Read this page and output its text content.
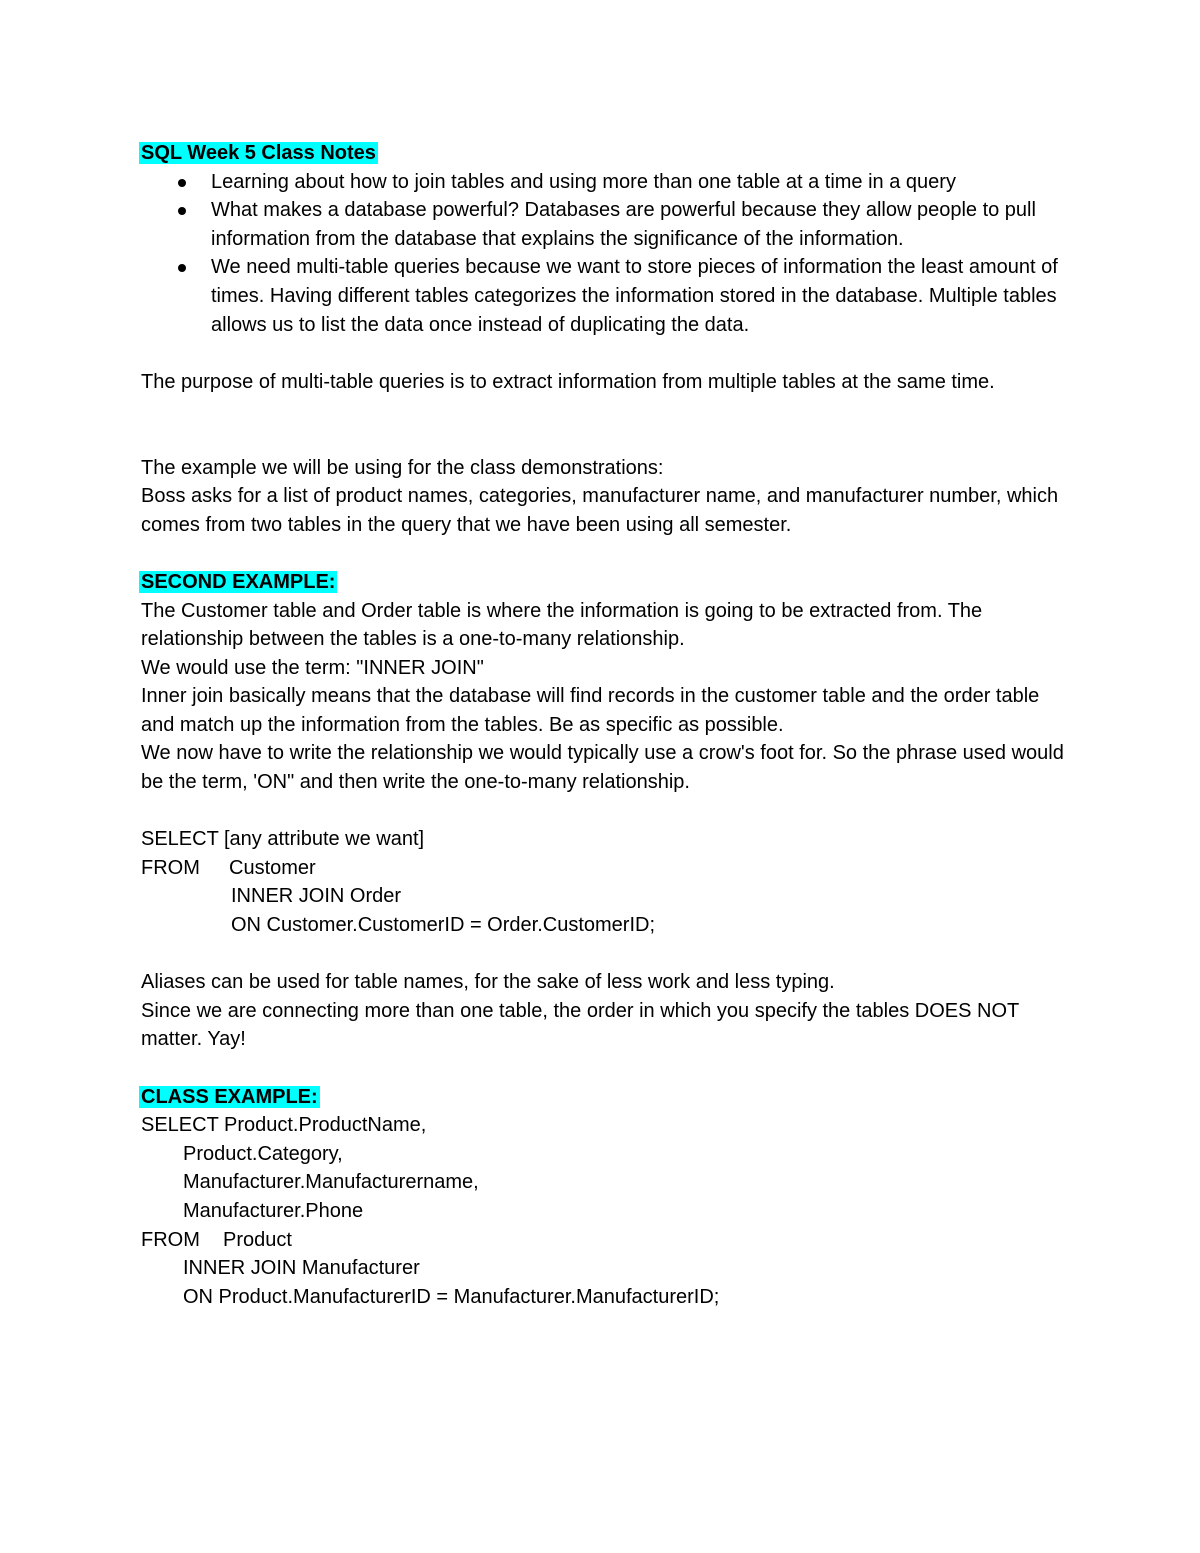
SQL Week 5 Class Notes

Learning about how to join tables and using more than one table at a time in a query
What makes a database powerful? Databases are powerful because they allow people to pull information from the database that explains the significance of the information.
We need multi-table queries because we want to store pieces of information the least amount of times. Having different tables categorizes the information stored in the database. Multiple tables allows us to list the data once instead of duplicating the data.

The purpose of multi-table queries is to extract information from multiple tables at the same time.

The example we will be using for the class demonstrations:

Boss asks for a list of product names, categories, manufacturer name, and manufacturer number, which comes from two tables in the query that we have been using all semester.

SECOND EXAMPLE:

The Customer table and Order table is where the information is going to be extracted from. The relationship between the tables is a one-to-many relationship.

We would use the term: "INNER JOIN"

Inner join basically means that the database will find records in the customer table and the order table and match up the information from the tables. Be as specific as possible.

We now have to write the relationship we would typically use a crow's foot for. So the phrase used would be the term, 'ON" and then write the one-to-many relationship.

SELECT [any attribute we want]

FROM Customer

INNER JOIN Order

ON Customer.CustomerID = Order.CustomerID;

Aliases can be used for table names, for the sake of less work and less typing.

Since we are connecting more than one table, the order in which you specify the tables DOES NOT matter. Yay!

CLASS EXAMPLE:

SELECT Product.ProductName,

Product.Category,

Manufacturer.Manufacturername,

Manufacturer.Phone

FROM Product

INNER JOIN Manufacturer

ON Product.ManufacturerID = Manufacturer.ManufacturerID;
